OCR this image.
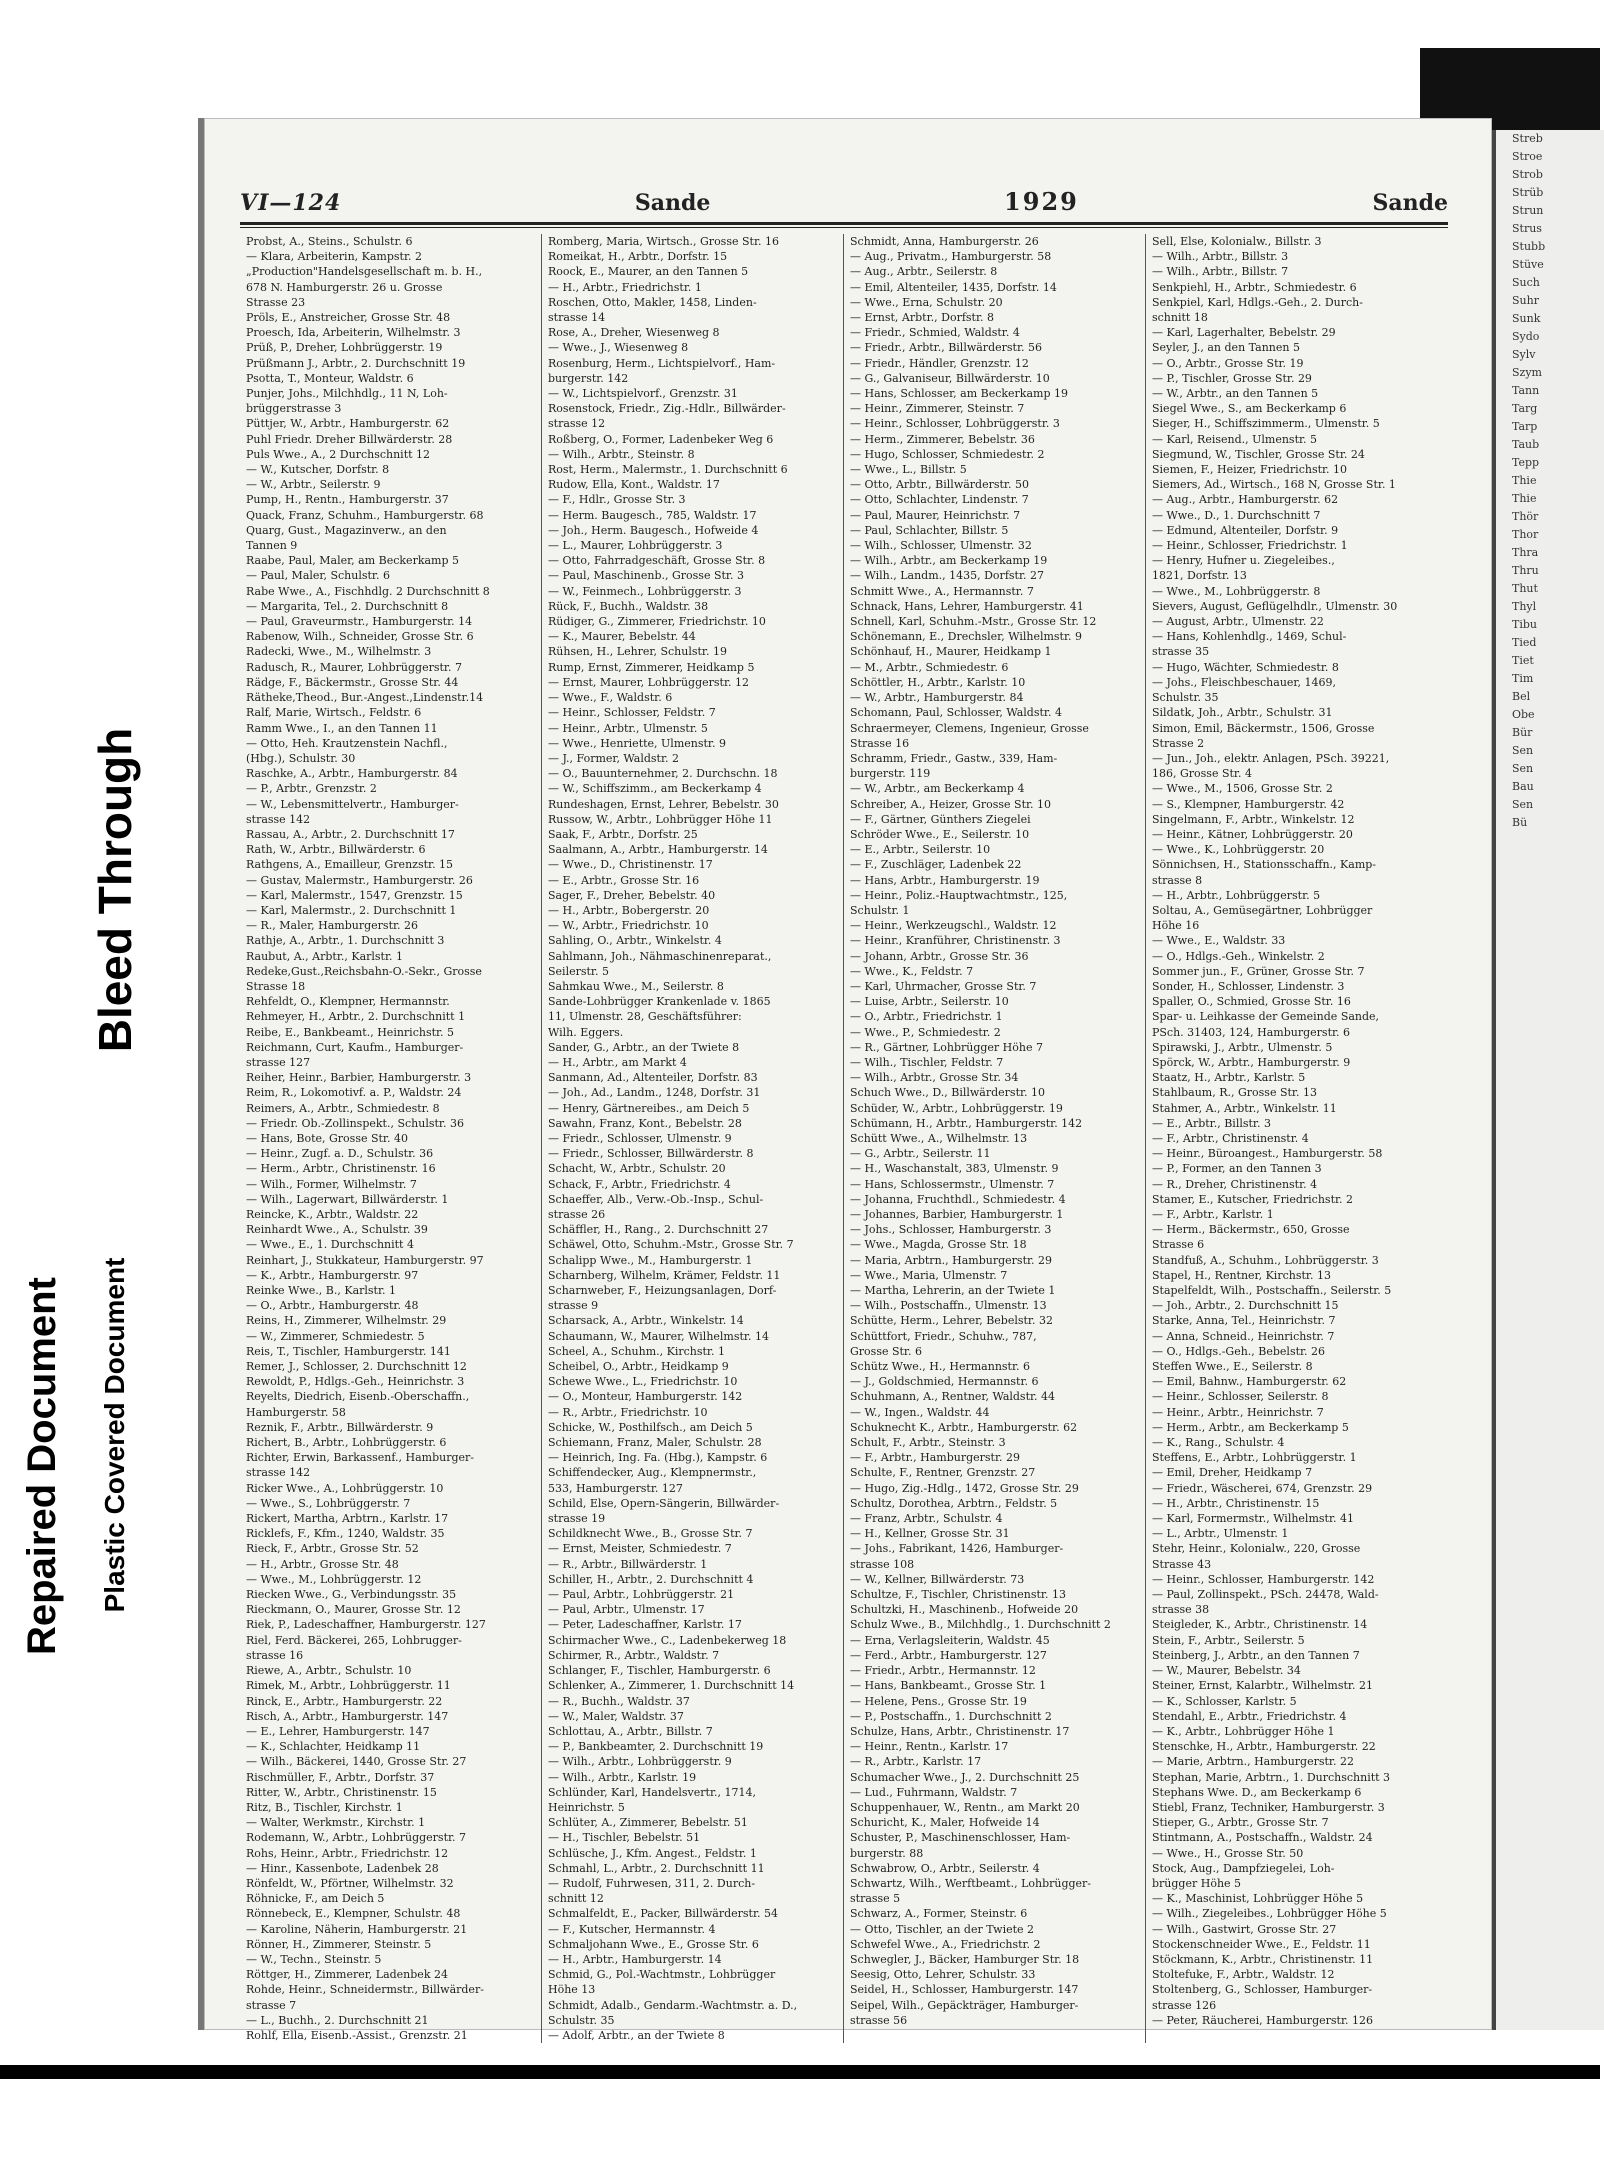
Bleed Through
Repaired Document Plastic Covered Document
VI—124	Sande	1929	Sande
Probst, A., Steins., Schulstr. 6
— Klara, Arbeiterin, Kampstr. 2
„Production"Handelsgesellschaft m. b. H.,
678 N. Hamburgerstr. 26 u. Grosse
Strasse 23
Pröls, E., Anstreicher, Grosse Str. 48
Proesch, Ida, Arbeiterin, Wilhelmstr. 3
Prüß, P., Dreher, Lohbrüggerstr. 19
Prüßmann J., Arbtr., 2. Durchschnitt 19
Psotta, T., Monteur, Waldstr. 6
Punjer, Johs., Milchhdlg., 11 N, Loh-
brüggerstrasse 3
Püttjer, W., Arbtr., Hamburgerstr. 62
Puhl Friedr. Dreher Billwärderstr. 28
Puls Wwe., A., 2 Durchschnitt 12
— W., Kutscher, Dorfstr. 8
— W., Arbtr., Seilerstr. 9
Pump, H., Rentn., Hamburgerstr. 37
Quack, Franz, Schuhm., Hamburgerstr. 68
Quarg, Gust., Magazinverw., an den
Tannen 9
Raabe, Paul, Maler, am Beckerkamp 5
— Paul, Maler, Schulstr. 6
Rabe Wwe., A., Fischhdlg. 2 Durchschnitt 8
— Margarita, Tel., 2. Durchschnitt 8
— Paul, Graveurmstr., Hamburgerstr. 14
Rabenow, Wilh., Schneider, Grosse Str. 6
Radecki, Wwe., M., Wilhelmstr. 3
Radusch, R., Maurer, Lohbrüggerstr. 7
Rädge, F., Bäckermstr., Grosse Str. 44
Rätheke,Theod., Bur.-Angest.,Lindenstr.14
Ralf, Marie, Wirtsch., Feldstr. 6
Ramm Wwe., I., an den Tannen 11
— Otto, Heh. Krautzenstein Nachfl.,
(Hbg.), Schulstr. 30
Raschke, A., Arbtr., Hamburgerstr. 84
— P., Arbtr., Grenzstr. 2
— W., Lebensmittelvertr., Hamburger-
strasse 142
Rassau, A., Arbtr., 2. Durchschnitt 17
Rath, W., Arbtr., Billwärderstr. 6
Rathgens, A., Emailleur, Grenzstr. 15
— Gustav, Malermstr., Hamburgerstr. 26
— Karl, Malermstr., 1547, Grenzstr. 15
— Karl, Malermstr., 2. Durchschnitt 1
— R., Maler, Hamburgerstr. 26
Rathje, A., Arbtr., 1. Durchschnitt 3
Raubut, A., Arbtr., Karlstr. 1
Redeke,Gust.,Reichsbahn-O.-Sekr., Grosse
Strasse 18
Rehfeldt, O., Klempner, Hermannstr.
Rehmeyer, H., Arbtr., 2. Durchschnitt 1
Reibe, E., Bankbeamt., Heinrichstr. 5
Reichmann, Curt, Kaufm., Hamburger-
strasse 127
Reiher, Heinr., Barbier, Hamburgerstr. 3
Reim, R., Lokomotivf. a. P., Waldstr. 24
Reimers, A., Arbtr., Schmiedestr. 8
— Friedr. Ob.-Zollinspekt., Schulstr. 36
— Hans, Bote, Grosse Str. 40
— Heinr., Zugf. a. D., Schulstr. 36
— Herm., Arbtr., Christinenstr. 16
— Wilh., Former, Wilhelmstr. 7
— Wilh., Lagerwart, Billwärderstr. 1
Reincke, K., Arbtr., Waldstr. 22
Reinhardt Wwe., A., Schulstr. 39
— Wwe., E., 1. Durchschnitt 4
Reinhart, J., Stukkateur, Hamburgerstr. 97
— K., Arbtr., Hamburgerstr. 97
Reinke Wwe., B., Karlstr. 1
— O., Arbtr., Hamburgerstr. 48
Reins, H., Zimmerer, Wilhelmstr. 29
— W., Zimmerer, Schmiedestr. 5
Reis, T., Tischler, Hamburgerstr. 141
Remer, J., Schlosser, 2. Durchschnitt 12
Rewoldt, P., Hdlgs.-Geh., Heinrichstr. 3
Reyelts, Diedrich, Eisenb.-Oberschaffn.,
Hamburgerstr. 58
Reznik, F., Arbtr., Billwärderstr. 9
Richert, B., Arbtr., Lohbrüggerstr. 6
Richter, Erwin, Barkassenf., Hamburger-
strasse 142
Ricker Wwe., A., Lohbrüggerstr. 10
— Wwe., S., Lohbrüggerstr. 7
Rickert, Martha, Arbtrn., Karlstr. 17
Ricklefs, F., Kfm., 1240, Waldstr. 35
Rieck, F., Arbtr., Grosse Str. 52
— H., Arbtr., Grosse Str. 48
— Wwe., M., Lohbrüggerstr. 12
Riecken Wwe., G., Verbindungsstr. 35
Rieckmann, O., Maurer, Grosse Str. 12
Riek, P., Ladeschaffner, Hamburgerstr. 127
Riel, Ferd. Bäckerei, 265, Lohbrugger-
strasse 16
Riewe, A., Arbtr., Schulstr. 10
Rimek, M., Arbtr., Lohbrüggerstr. 11
Rinck, E., Arbtr., Hamburgerstr. 22
Risch, A., Arbtr., Hamburgerstr. 147
— E., Lehrer, Hamburgerstr. 147
— K., Schlachter, Heidkamp 11
— Wilh., Bäckerei, 1440, Grosse Str. 27
Rischmüller, F., Arbtr., Dorfstr. 37
Ritter, W., Arbtr., Christinenstr. 15
Ritz, B., Tischler, Kirchstr. 1
— Walter, Werkmstr., Kirchstr. 1
Rodemann, W., Arbtr., Lohbrüggerstr. 7
Rohs, Heinr., Arbtr., Friedrichstr. 12
— Hinr., Kassenbote, Ladenbek 28
Rönfeldt, W., Pförtner, Wilhelmstr. 32
Röhnicke, F., am Deich 5
Rönnebeck, E., Klempner, Schulstr. 48
— Karoline, Näherin, Hamburgerstr. 21
Rönner, H., Zimmerer, Steinstr. 5
— W., Techn., Steinstr. 5
Röttger, H., Zimmerer, Ladenbek 24
Rohde, Heinr., Schneidermstr., Billwärder-
strasse 7
— L., Buchh., 2. Durchschnitt 21
Rohlf, Ella, Eisenb.-Assist., Grenzstr. 21
Romberg, Maria, Wirtsch., Grosse Str. 16
Romeikat, H., Arbtr., Dorfstr. 15
Roock, E., Maurer, an den Tannen 5
— H., Arbtr., Friedrichstr. 1
Roschen, Otto, Makler, 1458, Linden-
strasse 14
Rose, A., Dreher, Wiesenweg 8
— Wwe., J., Wiesenweg 8
Rosenburg, Herm., Lichtspielvorf., Ham-
burgerstr. 142
— W., Lichtspielvorf., Grenzstr. 31
Rosenstock, Friedr., Zig.-Hdlr., Billwärder-
strasse 12
Roßberg, O., Former, Ladenbeker Weg 6
— Wilh., Arbtr., Steinstr. 8
Rost, Herm., Malermstr., 1. Durchschnitt 6
Rudow, Ella, Kont., Waldstr. 17
— F., Hdlr., Grosse Str. 3
— Herm. Baugesch., 785, Waldstr. 17
— Joh., Herm. Baugesch., Hofweide 4
— L., Maurer, Lohbrüggerstr. 3
— Otto, Fahrradgeschäft, Grosse Str. 8
— Paul, Maschinenb., Grosse Str. 3
— W., Feinmech., Lohbrüggerstr. 3
Rück, F., Buchh., Waldstr. 38
Rüdiger, G., Zimmerer, Friedrichstr. 10
— K., Maurer, Bebelstr. 44
Rühsen, H., Lehrer, Schulstr. 19
Rump, Ernst, Zimmerer, Heidkamp 5
— Ernst, Maurer, Lohbrüggerstr. 12
— Wwe., F., Waldstr. 6
— Heinr., Schlosser, Feldstr. 7
— Heinr., Arbtr., Ulmenstr. 5
— Wwe., Henriette, Ulmenstr. 9
— J., Former, Waldstr. 2
— O., Bauunternehmer, 2. Durchschn. 18
— W., Schiffszimm., am Beckerkamp 4
Rundeshagen, Ernst, Lehrer, Bebelstr. 30
Russow, W., Arbtr., Lohbrügger Höhe 11
Saak, F., Arbtr., Dorfstr. 25
Saalmann, A., Arbtr., Hamburgerstr. 14
— Wwe., D., Christinenstr. 17
— E., Arbtr., Grosse Str. 16
Sager, F., Dreher, Bebelstr. 40
— H., Arbtr., Bobergerstr. 20
— W., Arbtr., Friedrichstr. 10
Sahling, O., Arbtr., Winkelstr. 4
Sahlmann, Joh., Nähmaschinenreparat.,
Seilerstr. 5
Sahmkau Wwe., M., Seilerstr. 8
Sande-Lohbrügger Krankenlade v. 1865
11, Ulmenstr. 28, Geschäftsführer:
Wilh. Eggers.
Sander, G., Arbtr., an der Twiete 8
— H., Arbtr., am Markt 4
Sanmann, Ad., Altenteiler, Dorfstr. 83
— Joh., Ad., Landm., 1248, Dorfstr. 31
— Henry, Gärtnereibes., am Deich 5
Sawahn, Franz, Kont., Bebelstr. 28
— Friedr., Schlosser, Ulmenstr. 9
— Friedr., Schlosser, Billwärderstr. 8
Schacht, W., Arbtr., Schulstr. 20
Schack, F., Arbtr., Friedrichstr. 4
Schaeffer, Alb., Verw.-Ob.-Insp., Schul-
strasse 26
Schäffler, H., Rang., 2. Durchschnitt 27
Schäwel, Otto, Schuhm.-Mstr., Grosse Str. 7
Schalipp Wwe., M., Hamburgerstr. 1
Scharnberg, Wilhelm, Krämer, Feldstr. 11
Scharnweber, F., Heizungsanlagen, Dorf-
strasse 9
Scharsack, A., Arbtr., Winkelstr. 14
Schaumann, W., Maurer, Wilhelmstr. 14
Scheel, A., Schuhm., Kirchstr. 1
Scheibel, O., Arbtr., Heidkamp 9
Schewe Wwe., L., Friedrichstr. 10
— O., Monteur, Hamburgerstr. 142
— R., Arbtr., Friedrichstr. 10
Schicke, W., Posthilfsch., am Deich 5
Schiemann, Franz, Maler, Schulstr. 28
— Heinrich, Ing. Fa. (Hbg.), Kampstr. 6
Schiffendecker, Aug., Klempnermstr.,
533, Hamburgerstr. 127
Schild, Else, Opern-Sängerin, Billwärder-
strasse 19
Schildknecht Wwe., B., Grosse Str. 7
— Ernst, Meister, Schmiedestr. 7
— R., Arbtr., Billwärderstr. 1
Schiller, H., Arbtr., 2. Durchschnitt 4
— Paul, Arbtr., Lohbrüggerstr. 21
— Paul, Arbtr., Ulmenstr. 17
— Peter, Ladeschaffner, Karlstr. 17
Schirmacher Wwe., C., Ladenbekerweg 18
Schirmer, R., Arbtr., Waldstr. 7
Schlanger, F., Tischler, Hamburgerstr. 6
Schlenker, A., Zimmerer, 1. Durchschnitt 14
— R., Buchh., Waldstr. 37
— W., Maler, Waldstr. 37
Schlottau, A., Arbtr., Billstr. 7
— P., Bankbeamter, 2. Durchschnitt 19
— Wilh., Arbtr., Lohbrüggerstr. 9
— Wilh., Arbtr., Karlstr. 19
Schlünder, Karl, Handelsvertr., 1714,
Heinrichstr. 5
Schlüter, A., Zimmerer, Bebelstr. 51
— H., Tischler, Bebelstr. 51
Schlüsche, J., Kfm. Angest., Feldstr. 1
Schmahl, L., Arbtr., 2. Durchschnitt 11
— Rudolf, Fuhrwesen, 311, 2. Durch-
schnitt 12
Schmalfeldt, E., Packer, Billwärderstr. 54
— F., Kutscher, Hermannstr. 4
Schmaljohann Wwe., E., Grosse Str. 6
— H., Arbtr., Hamburgerstr. 14
Schmid, G., Pol.-Wachtmstr., Lohbrügger
Höhe 13
Schmidt, Adalb., Gendarm.-Wachtmstr. a. D.,
Schulstr. 35
— Adolf, Arbtr., an der Twiete 8
Schmidt, Anna, Hamburgerstr. 26
— Aug., Privatm., Hamburgerstr. 58
— Aug., Arbtr., Seilerstr. 8
— Emil, Altenteiler, 1435, Dorfstr. 14
— Wwe., Erna, Schulstr. 20
— Ernst, Arbtr., Dorfstr. 8
— Friedr., Schmied, Waldstr. 4
— Friedr., Arbtr., Billwärderstr. 56
— Friedr., Händler, Grenzstr. 12
— G., Galvaniseur, Billwärderstr. 10
— Hans, Schlosser, am Beckerkamp 19
— Heinr., Zimmerer, Steinstr. 7
— Heinr., Schlosser, Lohbrüggerstr. 3
— Herm., Zimmerer, Bebelstr. 36
— Hugo, Schlosser, Schmiedestr. 2
— Wwe., L., Billstr. 5
— Otto, Arbtr., Billwärderstr. 50
— Otto, Schlachter, Lindenstr. 7
— Paul, Maurer, Heinrichstr. 7
— Paul, Schlachter, Billstr. 5
— Wilh., Schlosser, Ulmenstr. 32
— Wilh., Arbtr., am Beckerkamp 19
— Wilh., Landm., 1435, Dorfstr. 27
Schmitt Wwe., A., Hermannstr. 7
Schnack, Hans, Lehrer, Hamburgerstr. 41
Schnell, Karl, Schuhm.-Mstr., Grosse Str. 12
Schönemann, E., Drechsler, Wilhelmstr. 9
Schönhauf, H., Maurer, Heidkamp 1
— M., Arbtr., Schmiedestr. 6
Schöttler, H., Arbtr., Karlstr. 10
— W., Arbtr., Hamburgerstr. 84
Schomann, Paul, Schlosser, Waldstr. 4
Schraermeyer, Clemens, Ingenieur, Grosse
Strasse 16
Schramm, Friedr., Gastw., 339, Ham-
burgerstr. 119
— W., Arbtr., am Beckerkamp 4
Schreiber, A., Heizer, Grosse Str. 10
— F., Gärtner, Günthers Ziegelei
Schröder Wwe., E., Seilerstr. 10
— E., Arbtr., Seilerstr. 10
— F., Zuschläger, Ladenbek 22
— Hans, Arbtr., Hamburgerstr. 19
— Heinr., Poliz.-Hauptwachtmstr., 125,
Schulstr. 1
— Heinr., Werkzeugschl., Waldstr. 12
— Heinr., Kranführer, Christinenstr. 3
— Johann, Arbtr., Grosse Str. 36
— Wwe., K., Feldstr. 7
— Karl, Uhrmacher, Grosse Str. 7
— Luise, Arbtr., Seilerstr. 10
— O., Arbtr., Friedrichstr. 1
— Wwe., P., Schmiedestr. 2
— R., Gärtner, Lohbrügger Höhe 7
— Wilh., Tischler, Feldstr. 7
— Wilh., Arbtr., Grosse Str. 34
Schuch Wwe., D., Billwärderstr. 10
Schüder, W., Arbtr., Lohbrüggerstr. 19
Schümann, H., Arbtr., Hamburgerstr. 142
Schütt Wwe., A., Wilhelmstr. 13
— G., Arbtr., Seilerstr. 11
— H., Waschanstalt, 383, Ulmenstr. 9
— Hans, Schlossermstr., Ulmenstr. 7
— Johanna, Fruchthdl., Schmiedestr. 4
— Johannes, Barbier, Hamburgerstr. 1
— Johs., Schlosser, Hamburgerstr. 3
— Wwe., Magda, Grosse Str. 18
— Maria, Arbtrn., Hamburgerstr. 29
— Wwe., Maria, Ulmenstr. 7
— Martha, Lehrerin, an der Twiete 1
— Wilh., Postschaffn., Ulmenstr. 13
Schütte, Herm., Lehrer, Bebelstr. 32
Schüttfort, Friedr., Schuhw., 787,
Grosse Str. 6
Schütz Wwe., H., Hermannstr. 6
— J., Goldschmied, Hermannstr. 6
Schuhmann, A., Rentner, Waldstr. 44
— W., Ingen., Waldstr. 44
Schuknecht K., Arbtr., Hamburgerstr. 62
Schult, F., Arbtr., Steinstr. 3
— F., Arbtr., Hamburgerstr. 29
Schulte, F., Rentner, Grenzstr. 27
— Hugo, Zig.-Hdlg., 1472, Grosse Str. 29
Schultz, Dorothea, Arbtrn., Feldstr. 5
— Franz, Arbtr., Schulstr. 4
— H., Kellner, Grosse Str. 31
— Johs., Fabrikant, 1426, Hamburger-
strasse 108
— W., Kellner, Billwärderstr. 73
Schultze, F., Tischler, Christinenstr. 13
Schultzki, H., Maschinenb., Hofweide 20
Schulz Wwe., B., Milchhdlg., 1. Durchschnitt 2
— Erna, Verlagsleiterin, Waldstr. 45
— Ferd., Arbtr., Hamburgerstr. 127
— Friedr., Arbtr., Hermannstr. 12
— Hans, Bankbeamt., Grosse Str. 1
— Helene, Pens., Grosse Str. 19
— P., Postschaffn., 1. Durchschnitt 2
Schulze, Hans, Arbtr., Christinenstr. 17
— Heinr., Rentn., Karlstr. 17
— R., Arbtr., Karlstr. 17
Schumacher Wwe., J., 2. Durchschnitt 25
— Lud., Fuhrmann, Waldstr. 7
Schuppenhauer, W., Rentn., am Markt 20
Schuricht, K., Maler, Hofweide 14
Schuster, P., Maschinenschlosser, Ham-
burgerstr. 88
Schwabrow, O., Arbtr., Seilerstr. 4
Schwartz, Wilh., Werftbeamt., Lohbrügger-
strasse 5
Schwarz, A., Former, Steinstr. 6
— Otto, Tischler, an der Twiete 2
Schwefel Wwe., A., Friedrichstr. 2
Schwegler, J., Bäcker, Hamburger Str. 18
Seesig, Otto, Lehrer, Schulstr. 33
Seidel, H., Schlosser, Hamburgerstr. 147
Seipel, Wilh., Gepäckträger, Hamburger-
strasse 56
Sell, Else, Kolonialw., Billstr. 3
— Wilh., Arbtr., Billstr. 3
— Wilh., Arbtr., Billstr. 7
Senkpiehl, H., Arbtr., Schmiedestr. 6
Senkpiel, Karl, Hdlgs.-Geh., 2. Durch-
schnitt 18
— Karl, Lagerhalter, Bebelstr. 29
Seyler, J., an den Tannen 5
— O., Arbtr., Grosse Str. 19
— P., Tischler, Grosse Str. 29
— W., Arbtr., an den Tannen 5
Siegel Wwe., S., am Beckerkamp 6
Sieger, H., Schiffszimmerm., Ulmenstr. 5
— Karl, Reisend., Ulmenstr. 5
Siegmund, W., Tischler, Grosse Str. 24
Siemen, F., Heizer, Friedrichstr. 10
Siemers, Ad., Wirtsch., 168 N, Grosse Str. 1
— Aug., Arbtr., Hamburgerstr. 62
— Wwe., D., 1. Durchschnitt 7
— Edmund, Altenteiler, Dorfstr. 9
— Heinr., Schlosser, Friedrichstr. 1
— Henry, Hufner u. Ziegeleibes.,
1821, Dorfstr. 13
— Wwe., M., Lohbrüggerstr. 8
Sievers, August, Geflügelhdlr., Ulmenstr. 30
— August, Arbtr., Ulmenstr. 22
— Hans, Kohlenhdlg., 1469, Schul-
strasse 35
— Hugo, Wächter, Schmiedestr. 8
— Johs., Fleischbeschauer, 1469,
Schulstr. 35
Sildatk, Joh., Arbtr., Schulstr. 31
Simon, Emil, Bäckermstr., 1506, Grosse
Strasse 2
— Jun., Joh., elektr. Anlagen, PSch. 39221,
186, Grosse Str. 4
— Wwe., M., 1506, Grosse Str. 2
— S., Klempner, Hamburgerstr. 42
Singelmann, F., Arbtr., Winkelstr. 12
— Heinr., Kätner, Lohbrüggerstr. 20
— Wwe., K., Lohbrüggerstr. 20
Sönnichsen, H., Stationsschaffn., Kamp-
strasse 8
— H., Arbtr., Lohbrüggerstr. 5
Soltau, A., Gemüsegärtner, Lohbrügger
Höhe 16
— Wwe., E., Waldstr. 33
— O., Hdlgs.-Geh., Winkelstr. 2
Sommer jun., F., Grüner, Grosse Str. 7
Sonder, H., Schlosser, Lindenstr. 3
Spaller, O., Schmied, Grosse Str. 16
Spar- u. Leihkasse der Gemeinde Sande,
PSch. 31403, 124, Hamburgerstr. 6
Spirawski, J., Arbtr., Ulmenstr. 5
Spörck, W., Arbtr., Hamburgerstr. 9
Staatz, H., Arbtr., Karlstr. 5
Stahlbaum, R., Grosse Str. 13
Stahmer, A., Arbtr., Winkelstr. 11
— E., Arbtr., Billstr. 3
— F., Arbtr., Christinenstr. 4
— Heinr., Büroangest., Hamburgerstr. 58
— P., Former, an den Tannen 3
— R., Dreher, Christinenstr. 4
Stamer, E., Kutscher, Friedrichstr. 2
— F., Arbtr., Karlstr. 1
— Herm., Bäckermstr., 650, Grosse
Strasse 6
Standfuß, A., Schuhm., Lohbrüggerstr. 3
Stapel, H., Rentner, Kirchstr. 13
Stapelfeldt, Wilh., Postschaffn., Seilerstr. 5
— Joh., Arbtr., 2. Durchschnitt 15
Starke, Anna, Tel., Heinrichstr. 7
— Anna, Schneid., Heinrichstr. 7
— O., Hdlgs.-Geh., Bebelstr. 26
Steffen Wwe., E., Seilerstr. 8
— Emil, Bahnw., Hamburgerstr. 62
— Heinr., Schlosser, Seilerstr. 8
— Heinr., Arbtr., Heinrichstr. 7
— Herm., Arbtr., am Beckerkamp 5
— K., Rang., Schulstr. 4
Steffens, E., Arbtr., Lohbrüggerstr. 1
— Emil, Dreher, Heidkamp 7
— Friedr., Wäscherei, 674, Grenzstr. 29
— H., Arbtr., Christinenstr. 15
— Karl, Formermstr., Wilhelmstr. 41
— L., Arbtr., Ulmenstr. 1
Stehr, Heinr., Kolonialw., 220, Grosse
Strasse 43
— Heinr., Schlosser, Hamburgerstr. 142
— Paul, Zollinspekt., PSch. 24478, Wald-
strasse 38
Steigleder, K., Arbtr., Christinenstr. 14
Stein, F., Arbtr., Seilerstr. 5
Steinberg, J., Arbtr., an den Tannen 7
— W., Maurer, Bebelstr. 34
Steiner, Ernst, Kalarbtr., Wilhelmstr. 21
— K., Schlosser, Karlstr. 5
Stendahl, E., Arbtr., Friedrichstr. 4
— K., Arbtr., Lohbrügger Höhe 1
Stenschke, H., Arbtr., Hamburgerstr. 22
— Marie, Arbtrn., Hamburgerstr. 22
Stephan, Marie, Arbtrn., 1. Durchschnitt 3
Stephans Wwe. D., am Beckerkamp 6
Stiebl, Franz, Techniker, Hamburgerstr. 3
Stieper, G., Arbtr., Grosse Str. 7
Stintmann, A., Postschaffn., Waldstr. 24
— Wwe., H., Grosse Str. 50
Stock, Aug., Dampfziegelei, Loh-
brügger Höhe 5
— K., Maschinist, Lohbrügger Höhe 5
— Wilh., Ziegeleibes., Lohbrügger Höhe 5
— Wilh., Gastwirt, Grosse Str. 27
Stockenschneider Wwe., E., Feldstr. 11
Stöckmann, K., Arbtr., Christinenstr. 11
Stoltefuke, F., Arbtr., Waldstr. 12
Stoltenberg, G., Schlosser, Hamburger-
strasse 126
— Peter, Räucherei, Hamburgerstr. 126
Streb
Stroe
Strob
Strüb
Strun
Strus
Stubb
Stüve
Such
Suhr
Sunk
Sydo
Sylv
Szym
Tann
Targ
Tarp
Taub
Tepp
Thie
Thie
Thör
Thor
Thra
Thru
Thut
Thyl
Tibu
Tied
Tiet
Tim
Bel
Obe
Bür
Sen
Sen
Bau
Sen
Bü
